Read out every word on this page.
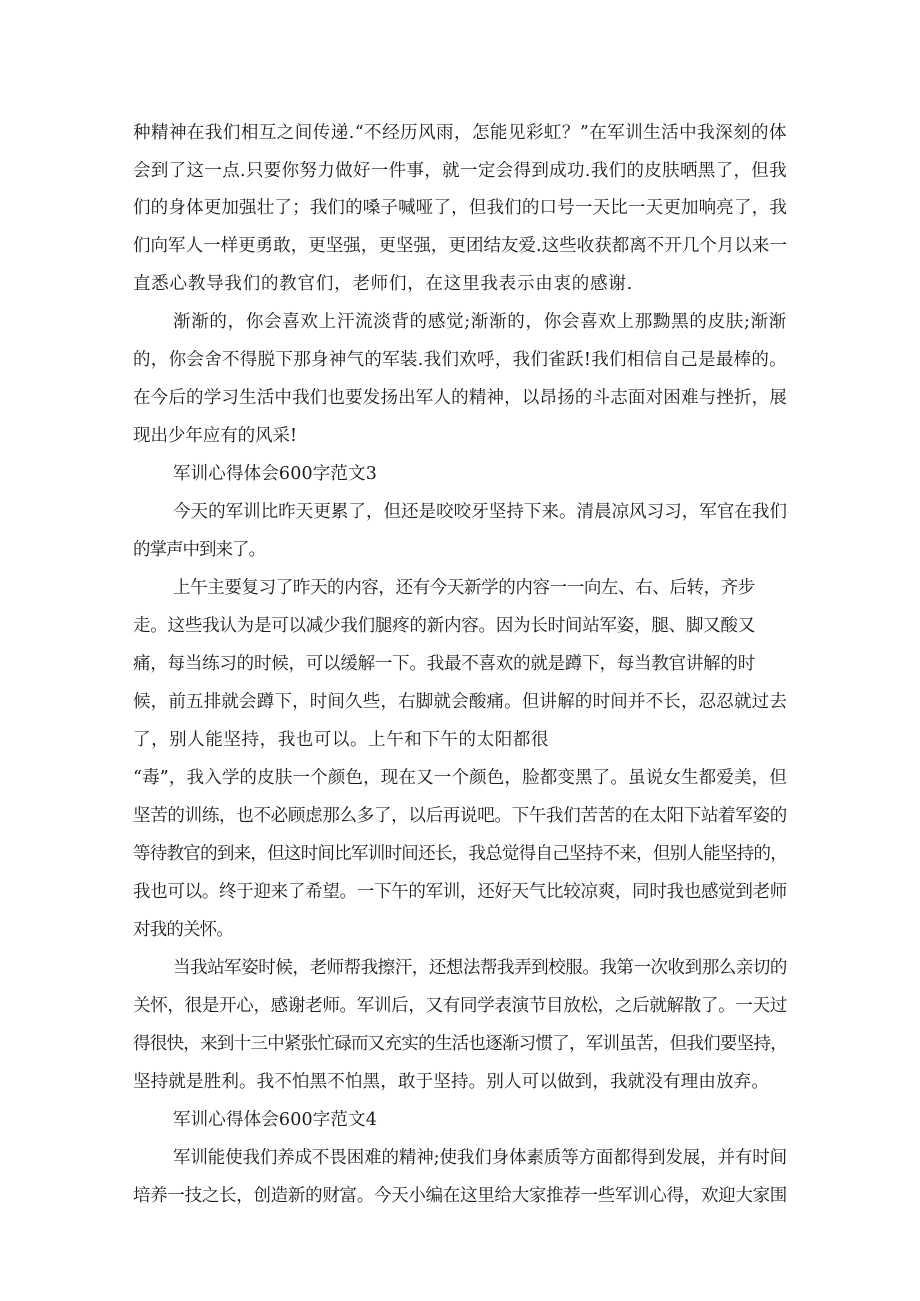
种精神在我们相互之间传递.“不经历风雨，怎能见彩虹？”在军训生活中我深刻的体
会到了这一点.只要你努力做好一件事，就一定会得到成功.我们的皮肤晒黑了，但我
们的身体更加强壮了；我们的嗓子喊哑了，但我们的口号一天比一天更加响亮了，我
们向军人一样更勇敢，更坚强，更坚强，更团结友爱.这些收获都离不开几个月以来一
直悉心教导我们的教官们，老师们，在这里我表示由衷的感谢.
渐渐的，你会喜欢上汗流淡背的感觉;渐渐的，你会喜欢上那黝黑的皮肤;渐渐
的，你会舍不得脱下那身神气的军装.我们欢呼，我们雀跃!我们相信自己是最棒的。
在今后的学习生活中我们也要发扬出军人的精神，以昂扬的斗志面对困难与挫折，展
现出少年应有的风采!
军训心得体会600字范文3
今天的军训比昨天更累了，但还是咬咬牙坚持下来。清晨凉风习习，军官在我们
的掌声中到来了。
上午主要复习了昨天的内容，还有今天新学的内容一一向左、右、后转，齐步
走。这些我认为是可以减少我们腿疼的新内容。因为长时间站军姿，腿、脚又酸又
痛，每当练习的时候，可以缓解一下。我最不喜欢的就是蹲下，每当教官讲解的时
候，前五排就会蹲下，时间久些，右脚就会酸痛。但讲解的时间并不长，忍忍就过去
了，别人能坚持，我也可以。上午和下午的太阳都很
“毒”，我入学的皮肤一个颜色，现在又一个颜色，脸都变黑了。虽说女生都爱美，但
坚苦的训练，也不必顾虑那么多了，以后再说吧。下午我们苦苦的在太阳下站着军姿的
等待教官的到来，但这时间比军训时间还长，我总觉得自己坚持不来，但别人能坚持的，
我也可以。终于迎来了希望。一下午的军训，还好天气比较凉爽，同时我也感觉到老师
对我的关怀。
当我站军姿时候，老师帮我擦汗，还想法帮我弄到校服。我第一次收到那么亲切的
关怀，很是开心，感谢老师。军训后，又有同学表演节目放松，之后就解散了。一天过
得很快，来到十三中紧张忙碌而又充实的生活也逐渐习惯了，军训虽苦，但我们要坚持，
坚持就是胜利。我不怕黑不怕黑，敢于坚持。别人可以做到，我就没有理由放弃。
军训心得体会600字范文4
军训能使我们养成不畏困难的精神;使我们身体素质等方面都得到发展，并有时间
培养一技之长，创造新的财富。今天小编在这里给大家推荐一些军训心得，欢迎大家围
